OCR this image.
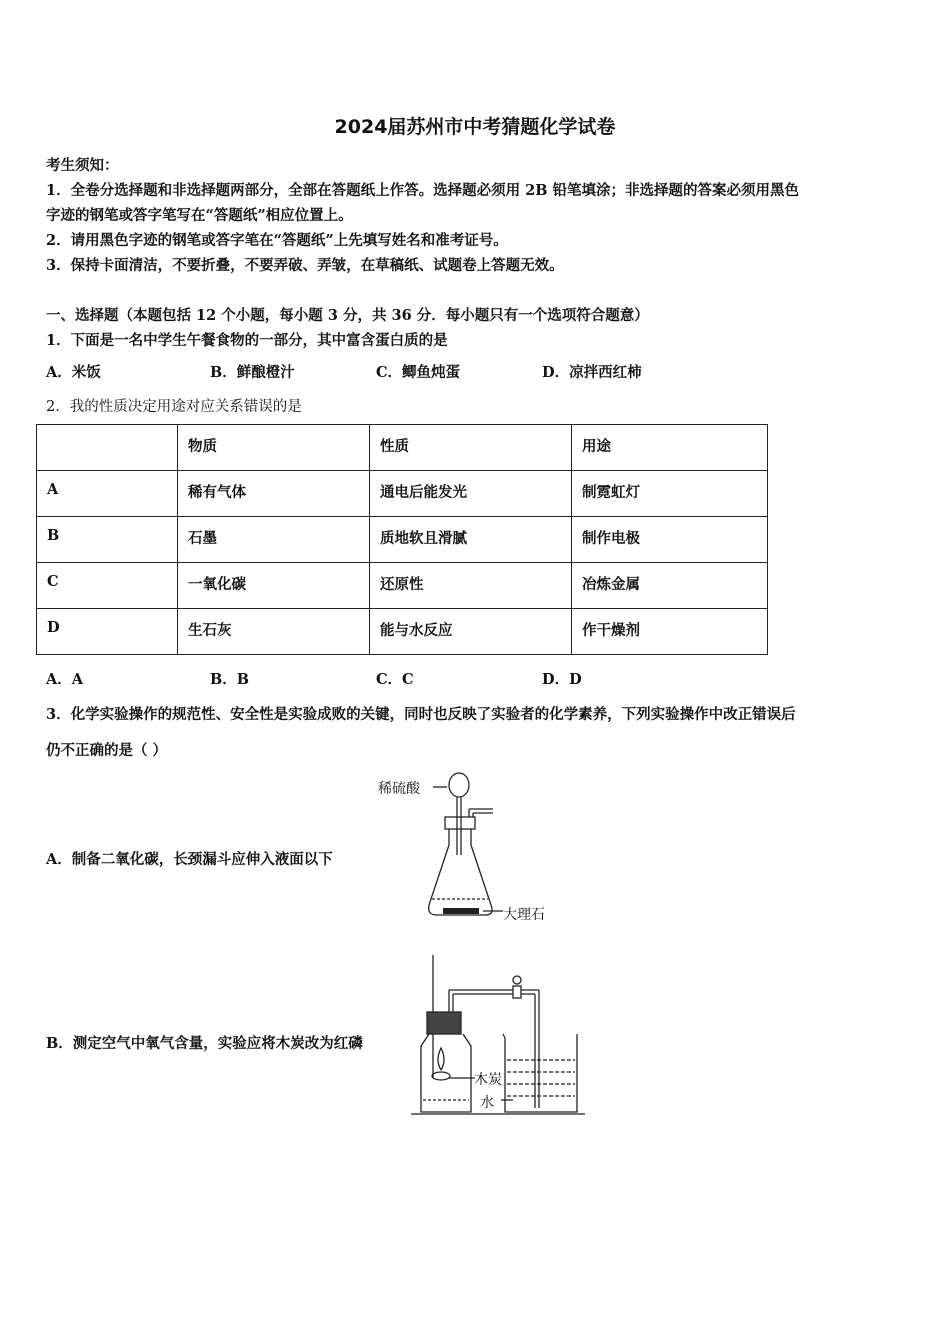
2024届苏州市中考猜题化学试卷
考生须知：
1．全卷分选择题和非选择题两部分，全部在答题纸上作答。选择题必须用 2B 铅笔填涂；非选择题的答案必须用黑色
字迹的钢笔或答字笔写在“答题纸”相应位置上。
2．请用黑色字迹的钢笔或答字笔在“答题纸”上先填写姓名和准考证号。
3．保持卡面清洁，不要折叠，不要弄破、弄皱，在草稿纸、试题卷上答题无效。
一、选择题（本题包括 12 个小题，每小题 3 分，共 36 分．每小题只有一个选项符合题意）
1．下面是一名中学生午餐食物的一部分，其中富含蛋白质的是
A．米饭	B．鲜酿橙汁	C．鲫鱼炖蛋	D．凉拌西红柿
2．我的性质决定用途对应关系错误的是
	物质	性质	用途
A	稀有气体	通电后能发光	制霓虹灯
B	石墨	质地软且滑腻	制作电极
C	一氧化碳	还原性	冶炼金属
D	生石灰	能与水反应	作干燥剂
A．A	B．B	C．C	D．D
3．化学实验操作的规范性、安全性是实验成败的关键，同时也反映了实验者的化学素养，下列实验操作中改正错误后
仍不正确的是（ ）
A．制备二氧化碳，长颈漏斗应伸入液面以下
B．测定空气中氧气含量，实验应将木炭改为红磷
稀硫酸
大理石
木炭
水
